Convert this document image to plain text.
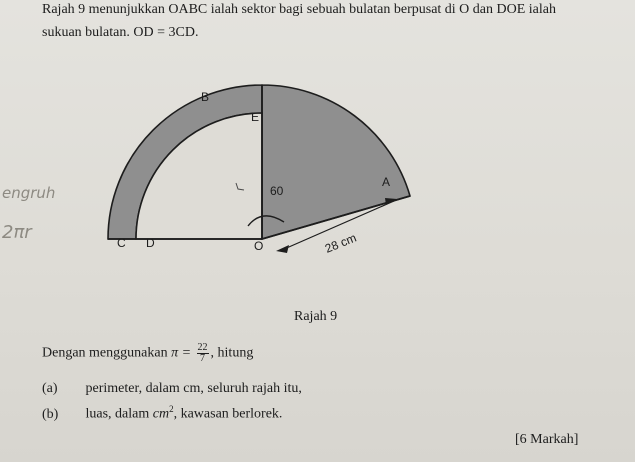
Rajah 9 menunjukkan OABC ialah sektor bagi sebuah bulatan berpusat di O dan DOE ialah
sukuan bulatan. OD = 3CD.
engruh
2πr
B
E
A
C D	O
60
28 cm
Rajah 9
Dengan menggunakan $\pi = \frac{22}{7}$ , hitung
(a) perimeter, dalam cm, seluruh rajah itu,
(b) luas, dalam $cm^2$, kawasan berlorek.
[6 Markah]
